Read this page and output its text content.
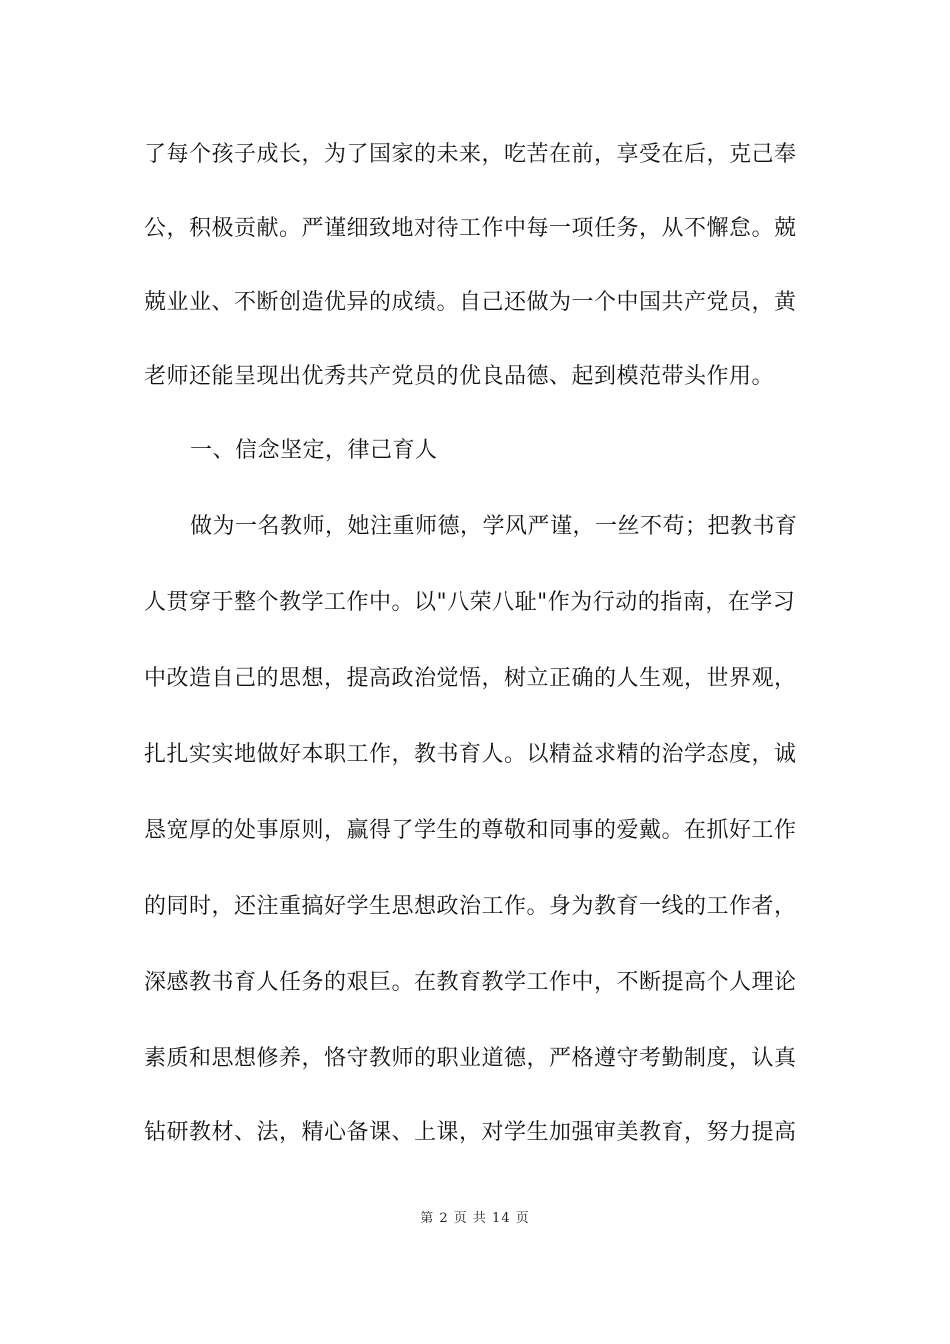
了每个孩子成长，为了国家的未来，吃苦在前，享受在后，克己奉
公，积极贡献。严谨细致地对待工作中每一项任务，从不懈怠。兢
兢业业、不断创造优异的成绩。自己还做为一个中国共产党员，黄
老师还能呈现出优秀共产党员的优良品德、起到模范带头作用。
一、信念坚定，律己育人
做为一名教师，她注重师德，学风严谨，一丝不苟；把教书育
人贯穿于整个教学工作中。以"八荣八耻"作为行动的指南，在学习
中改造自己的思想，提高政治觉悟，树立正确的人生观，世界观，
扎扎实实地做好本职工作，教书育人。以精益求精的治学态度，诚
恳宽厚的处事原则，赢得了学生的尊敬和同事的爱戴。在抓好工作
的同时，还注重搞好学生思想政治工作。身为教育一线的工作者，
深感教书育人任务的艰巨。在教育教学工作中，不断提高个人理论
素质和思想修养，恪守教师的职业道德，严格遵守考勤制度，认真
钻研教材、法，精心备课、上课，对学生加强审美教育，努力提高
第 2 页 共 14 页
